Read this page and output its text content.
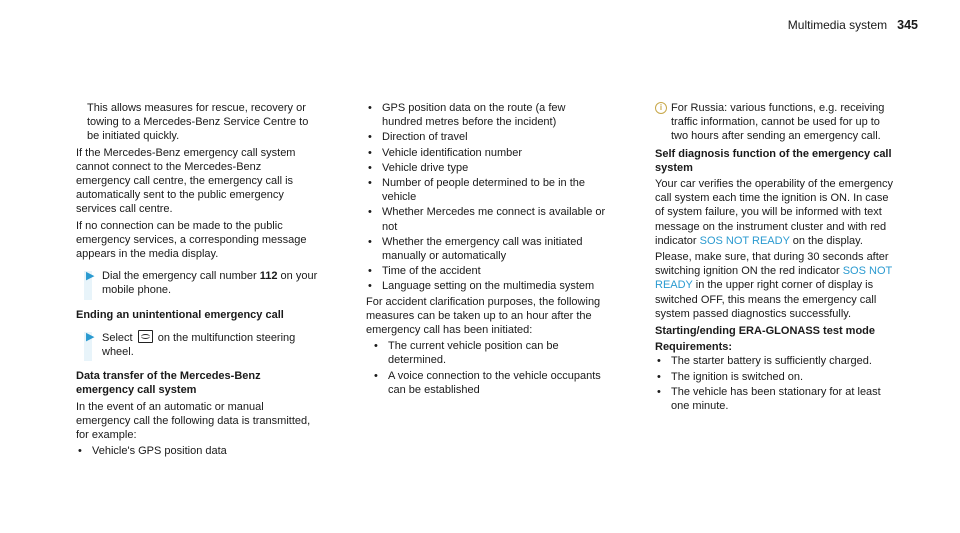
Multimedia system 345

This allows measures for rescue, recovery or towing to a Mercedes-Benz Service Centre to be initiated quickly.

If the Mercedes-Benz emergency call system cannot connect to the Mercedes-Benz emergency call centre, the emergency call is automatically sent to the public emergency services call centre.

If no connection can be made to the public emergency services, a corresponding message appears in the media display.

▶ Dial the emergency call number 112 on your mobile phone.

Ending an unintentional emergency call

▶ Select  on the multifunction steering wheel.

Data transfer of the Mercedes-Benz emergency call system

In the event of an automatic or manual emergency call the following data is transmitted, for example:

• Vehicle's GPS position data
• GPS position data on the route (a few hundred metres before the incident)
• Direction of travel
• Vehicle identification number
• Vehicle drive type
• Number of people determined to be in the vehicle
• Whether Mercedes me connect is available or not
• Whether the emergency call was initiated manually or automatically
• Time of the accident
• Language setting on the multimedia system

For accident clarification purposes, the following measures can be taken up to an hour after the emergency call has been initiated:

• The current vehicle position can be determined.
• A voice connection to the vehicle occupants can be established
i For Russia: various functions, e.g. receiving traffic information, cannot be used for up to two hours after sending an emergency call.

Self diagnosis function of the emergency call system

Your car verifies the operability of the emergency call system each time the ignition is ON. In case of system failure, you will be informed with text message on the instrument cluster and with red indicator SOS NOT READY on the display.

Please, make sure, that during 30 seconds after switching ignition ON the red indicator SOS NOT READY in the upper right corner of display is switched OFF, this means the emergency call system passed diagnostics successfully.

Starting/ending ERA-GLONASS test mode

Requirements:

• The starter battery is sufficiently charged.
• The ignition is switched on.
• The vehicle has been stationary for at least one minute.
